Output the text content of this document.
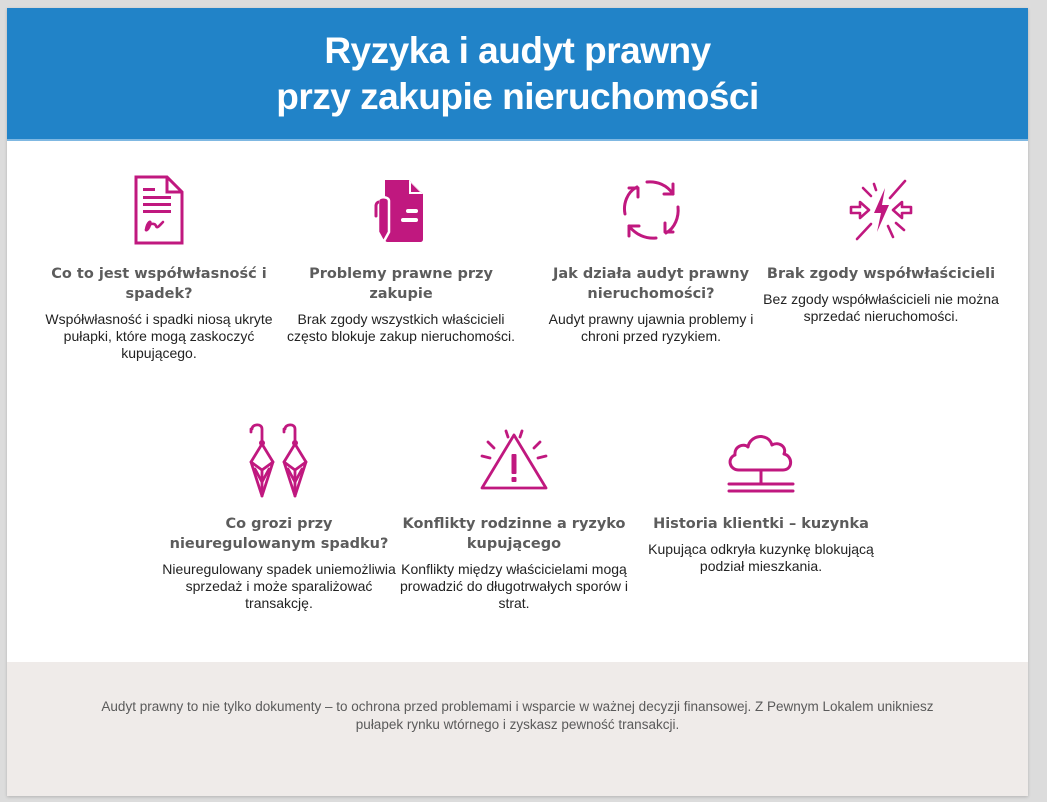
Ryzyka i audyt prawny
przy zakupie nieruchomości
Co to jest współwłasność i spadek?

Współwłasność i spadki niosą ukryte pułapki, które mogą zaskoczyć kupującego.

Problemy prawne przy zakupie

Brak zgody wszystkich właścicieli często blokuje zakup nieruchomości.

Jak działa audyt prawny nieruchomości?

Audyt prawny ujawnia problemy i chroni przed ryzykiem.

Brak zgody współwłaścicieli

Bez zgody współwłaścicieli nie można sprzedać nieruchomości.

Co grozi przy nieuregulowanym spadku?

Nieuregulowany spadek uniemożliwia sprzedaż i może sparaliżować transakcję.

Konflikty rodzinne a ryzyko kupującego

Konflikty między właścicielami mogą prowadzić do długotrwałych sporów i strat.

Historia klientki – kuzynka

Kupująca odkryła kuzynkę blokującą podział mieszkania.

Audyt prawny to nie tylko dokumenty – to ochrona przed problemami i wsparcie w ważnej decyzji finansowej. Z Pewnym Lokalem unikniesz pułapek rynku wtórnego i zyskasz pewność transakcji.
